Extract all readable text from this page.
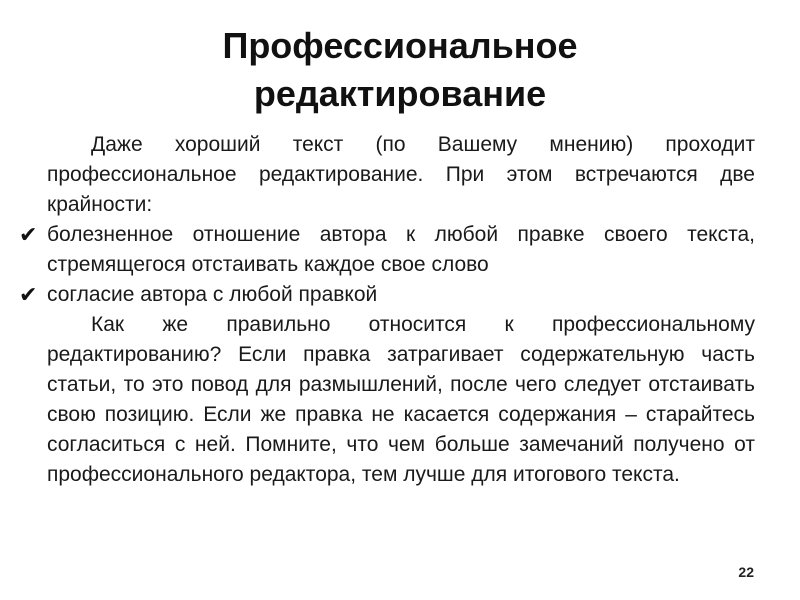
Профессиональное
редактирование

Даже хороший текст (по Вашему мнению) проходит профессиональное редактирование. При этом встречаются две крайности:

✔ болезненное отношение автора к любой правке своего текста, стремящегося отстаивать каждое свое слово
✔ согласие автора с любой правкой

Как же правильно относится к профессиональному редактированию? Если правка затрагивает содержательную часть статьи, то это повод для размышлений, после чего следует отстаивать свою позицию. Если же правка не касается содержания – старайтесь согласиться с ней. Помните, что чем больше замечаний получено от профессионального редактора, тем лучше для итогового текста.

22
